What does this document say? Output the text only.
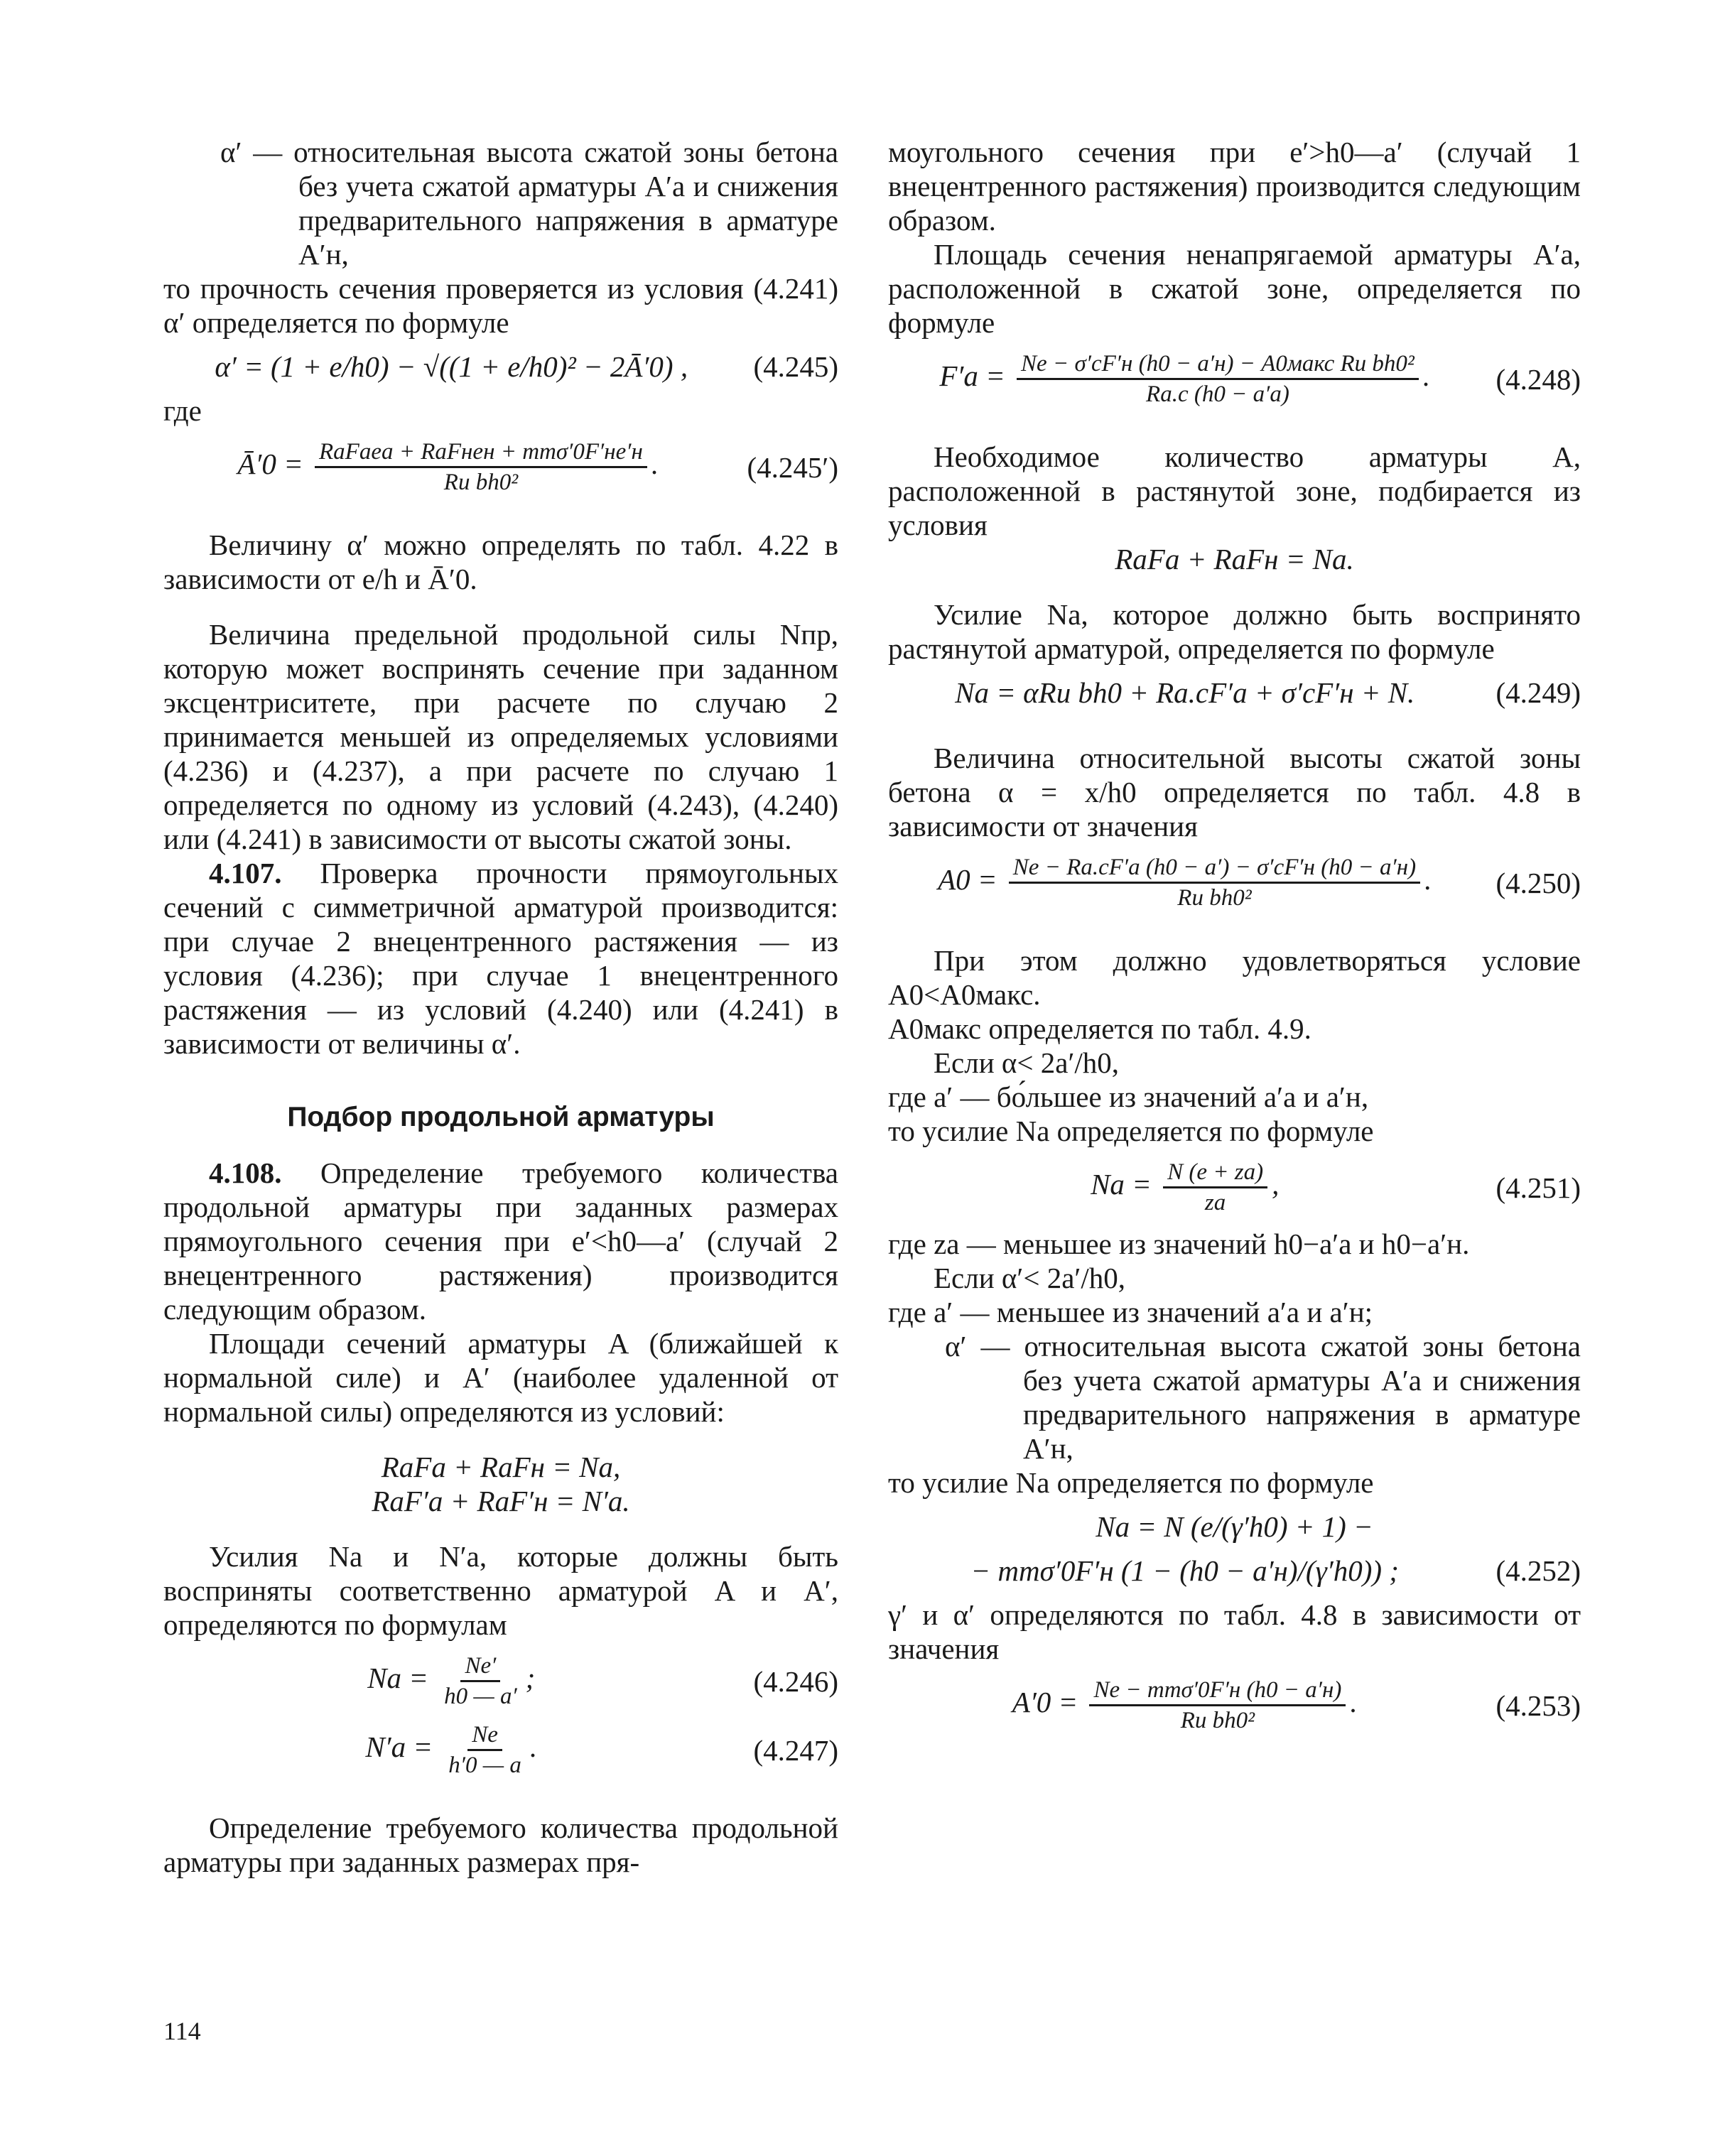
α′ — относительная высота сжатой зоны бетона без учета сжатой арматуры A′а и снижения предварительного напряжения в арматуре A′н,

то прочность сечения проверяется из условия (4.241) α′ определяется по формуле

α′ = (1 + e/h0) − √((1 + e/h0)² − 2Ā′0) ,	(4.245)

где

Ā′0 = $\frac{\text{RаFаeа + RаFнeн + mтσ′0F′нe′н}}{\text{Rи bh0²}}$ .	(4.245′)

Величину α′ можно определять по табл. 4.22 в зависимости от e/h и Ā′0.

Величина предельной продольной силы Nпр, которую может воспринять сечение при заданном эксцентриситете, при расчете по случаю 2 принимается меньшей из определяемых условиями (4.236) и (4.237), а при расчете по случаю 1 определяется по одному из условий (4.243), (4.240) или (4.241) в зависимости от высоты сжатой зоны.

4.107. Проверка прочности прямоугольных сечений с симметричной арматурой производится: при случае 2 внецентренного растяжения — из условия (4.236); при случае 1 внецентренного растяжения — из условий (4.240) или (4.241) в зависимости от величины α′.

Подбор продольной арматуры

4.108. Определение требуемого количества продольной арматуры при заданных размерах прямоугольного сечения при e′<h0—a′ (случай 2 внецентренного растяжения) производится следующим образом.

Площади сечений арматуры A (ближайшей к нормальной силе) и A′ (наиболее удаленной от нормальной силы) определяются из условий:

RаFа + RаFн = Nа,

RаF′а + RаF′н = N′а.

Усилия Nа и N′а, которые должны быть восприняты соответственно арматурой A и A′, определяются по формулам

Nа = $\frac{Ne'}{h0 — a'}$ ;	(4.246)
$N'а = \frac{Ne}{h'0 — a}$ .	(4.247)

Определение требуемого количества продольной арматуры при заданных размерах пря-

моугольного сечения при e′>h0—a′ (случай 1 внецентренного растяжения) производится следующим образом.

Площадь сечения ненапрягаемой арматуры A′а, расположенной в сжатой зоне, определяется по формуле

$F'а = \frac{\text{Ne − σ′cF′н (h0 − a′н) − A0макс Rи bh0²}}{Rа.с (h0 - a'а)}$ .	(4.248)

Необходимое количество арматуры A, расположенной в растянутой зоне, подбирается из условия

RаFа + RаFн = Nа.

Усилие Nа, которое должно быть воспринято растянутой арматурой, определяется по формуле

Nа = αRи bh0 + Rа.сF′а + σ′cF′н + N.	(4.249)

Величина относительной высоты сжатой зоны бетона α = x/h0 определяется по табл. 4.8 в зависимости от значения

$A0 = \frac{Ne - Rа.сF'а (h0 - a') - \sigma'cF'н (h0 - a'н)}{\text{Rи bh0²}}$ .	(4.250)

При этом должно удовлетворяться условие A0<A0макс.

A0макс определяется по табл. 4.9.

Если α< 2a′/h0,

где a′ — бо́льшее из значений a′а и a′н,

то усилие Nа определяется по формуле

Nа = $\frac{N (e + zа)}{zа}$ ,	(4.251)

где zа — меньшее из значений h0−a′а и h0−a′н.

Если α′< 2a′/h0,

где a′ — меньшее из значений a′а и a′н;

α′ — относительная высота сжатой зоны бетона без учета сжатой арматуры A′а и снижения предварительного напряжения в арматуре A′н,

то усилие Nа определяется по формуле

Nа = N (e/(γ′h0) + 1) −

− mтσ′0F′н (1 − (h0 − a′н)/(γ′h0)) ;	(4.252)

γ′ и α′ определяются по табл. 4.8 в зависимости от значения

$A'0 = \frac{\text{Ne − mтσ′0F′н (h0 − a′н)}}{\text{Rи bh0²}}$ .	(4.253)
114
